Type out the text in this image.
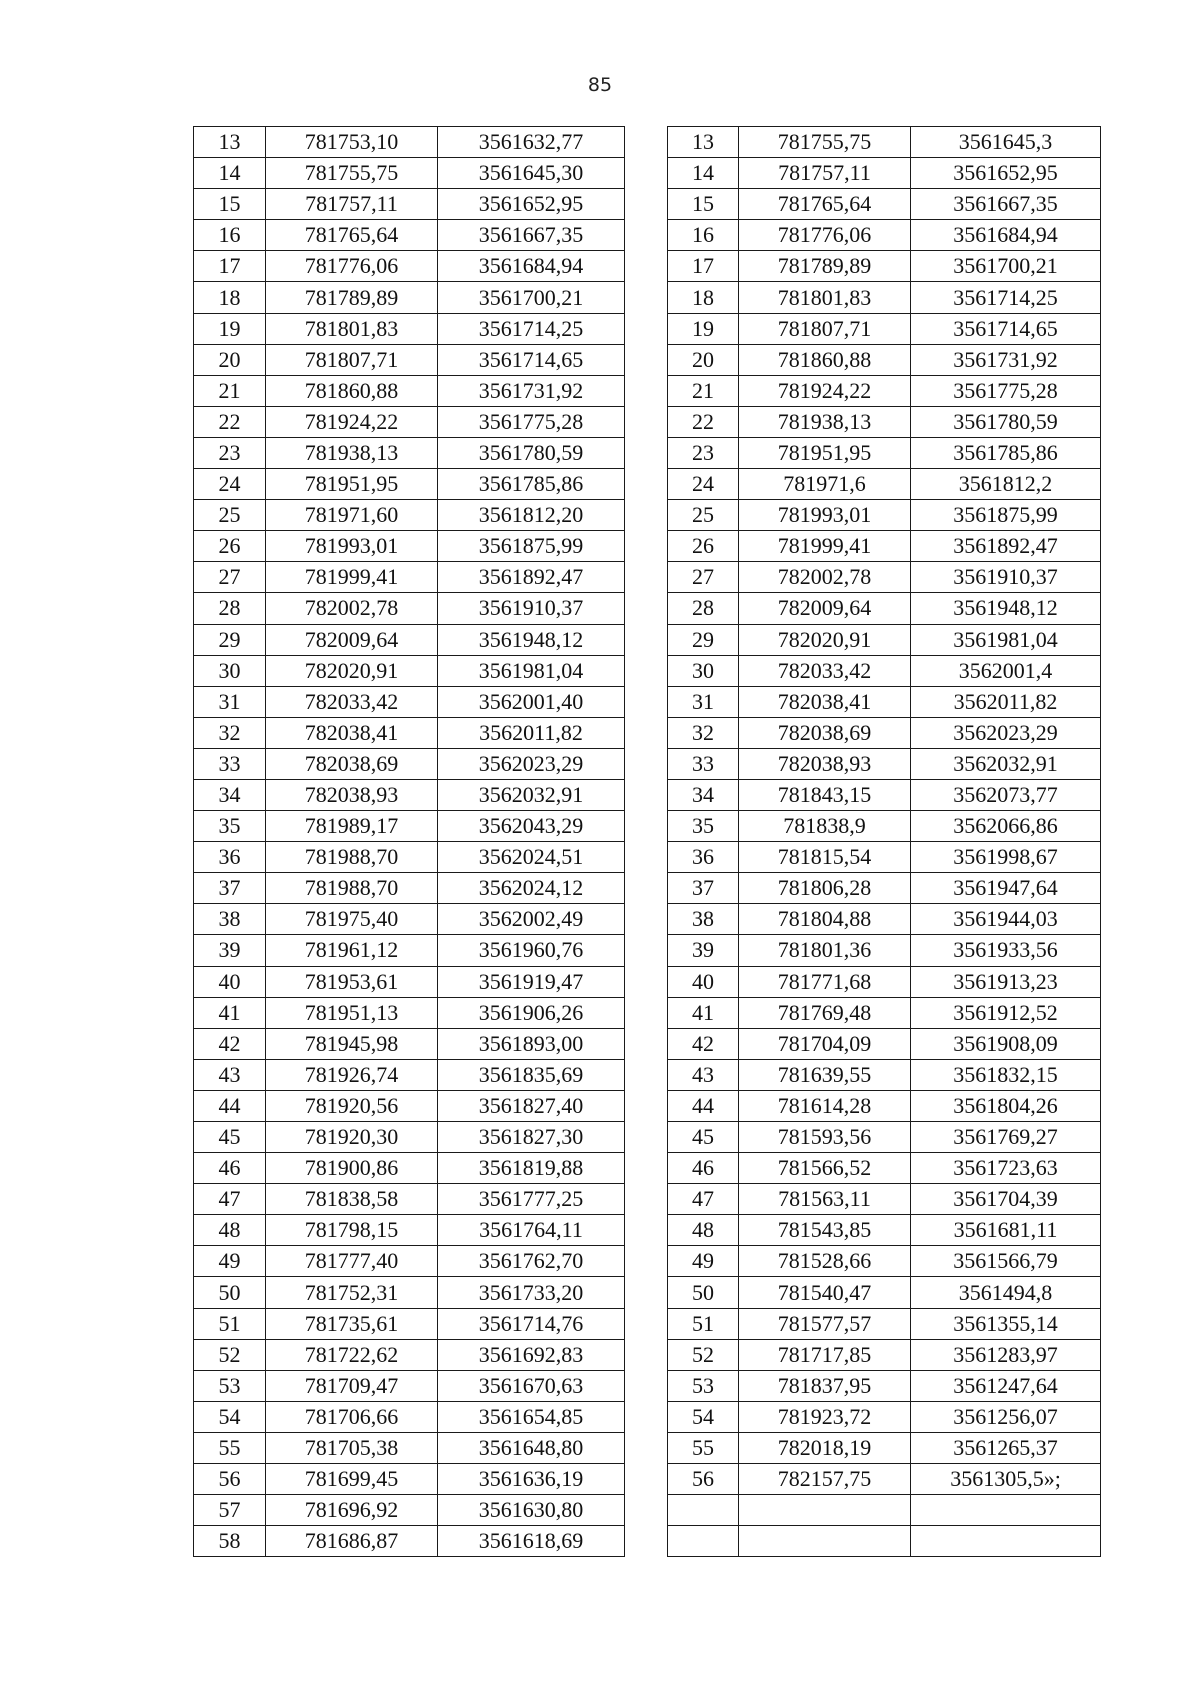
85
13	781753,10	3561632,77		13	781755,75	3561645,3
14	781755,75	3561645,30		14	781757,11	3561652,95
15	781757,11	3561652,95		15	781765,64	3561667,35
16	781765,64	3561667,35		16	781776,06	3561684,94
17	781776,06	3561684,94		17	781789,89	3561700,21
18	781789,89	3561700,21		18	781801,83	3561714,25
19	781801,83	3561714,25		19	781807,71	3561714,65
20	781807,71	3561714,65		20	781860,88	3561731,92
21	781860,88	3561731,92		21	781924,22	3561775,28
22	781924,22	3561775,28		22	781938,13	3561780,59
23	781938,13	3561780,59		23	781951,95	3561785,86
24	781951,95	3561785,86		24	781971,6	3561812,2
25	781971,60	3561812,20		25	781993,01	3561875,99
26	781993,01	3561875,99		26	781999,41	3561892,47
27	781999,41	3561892,47		27	782002,78	3561910,37
28	782002,78	3561910,37		28	782009,64	3561948,12
29	782009,64	3561948,12		29	782020,91	3561981,04
30	782020,91	3561981,04		30	782033,42	3562001,4
31	782033,42	3562001,40		31	782038,41	3562011,82
32	782038,41	3562011,82		32	782038,69	3562023,29
33	782038,69	3562023,29		33	782038,93	3562032,91
34	782038,93	3562032,91		34	781843,15	3562073,77
35	781989,17	3562043,29		35	781838,9	3562066,86
36	781988,70	3562024,51		36	781815,54	3561998,67
37	781988,70	3562024,12		37	781806,28	3561947,64
38	781975,40	3562002,49		38	781804,88	3561944,03
39	781961,12	3561960,76		39	781801,36	3561933,56
40	781953,61	3561919,47		40	781771,68	3561913,23
41	781951,13	3561906,26		41	781769,48	3561912,52
42	781945,98	3561893,00		42	781704,09	3561908,09
43	781926,74	3561835,69		43	781639,55	3561832,15
44	781920,56	3561827,40		44	781614,28	3561804,26
45	781920,30	3561827,30		45	781593,56	3561769,27
46	781900,86	3561819,88		46	781566,52	3561723,63
47	781838,58	3561777,25		47	781563,11	3561704,39
48	781798,15	3561764,11		48	781543,85	3561681,11
49	781777,40	3561762,70		49	781528,66	3561566,79
50	781752,31	3561733,20		50	781540,47	3561494,8
51	781735,61	3561714,76		51	781577,57	3561355,14
52	781722,62	3561692,83		52	781717,85	3561283,97
53	781709,47	3561670,63		53	781837,95	3561247,64
54	781706,66	3561654,85		54	781923,72	3561256,07
55	781705,38	3561648,80		55	782018,19	3561265,37
56	781699,45	3561636,19		56	782157,75	3561305,5»;
57	781696,92	3561630,80				
58	781686,87	3561618,69				
